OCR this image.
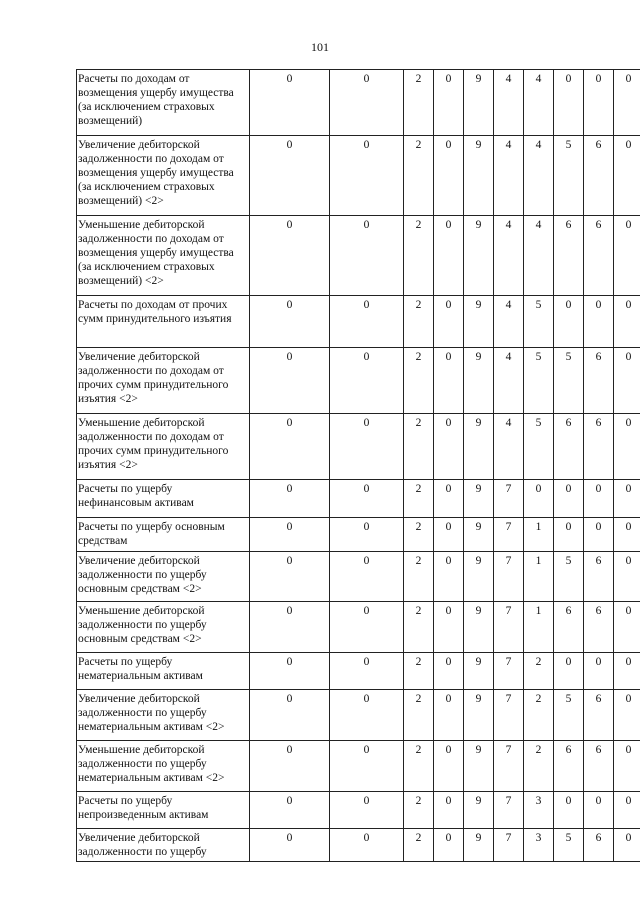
101
Расчеты по доходам от возмещения ущербу имущества (за исключением страховых возмещений)	0	0	2	0	9	4	4	0	0	0
Увеличение дебиторской задолженности по доходам от возмещения ущербу имущества (за исключением страховых возмещений) <2>	0	0	2	0	9	4	4	5	6	0
Уменьшение дебиторской задолженности по доходам от возмещения ущербу имущества (за исключением страховых возмещений) <2>	0	0	2	0	9	4	4	6	6	0
Расчеты по доходам от прочих сумм принудительного изъятия	0	0	2	0	9	4	5	0	0	0
Увеличение дебиторской задолженности по доходам от прочих сумм принудительного изъятия <2>	0	0	2	0	9	4	5	5	6	0
Уменьшение дебиторской задолженности по доходам от прочих сумм принудительного изъятия <2>	0	0	2	0	9	4	5	6	6	0
Расчеты по ущербу нефинансовым активам	0	0	2	0	9	7	0	0	0	0
Расчеты по ущербу основным средствам	0	0	2	0	9	7	1	0	0	0
Увеличение дебиторской задолженности по ущербу основным средствам <2>	0	0	2	0	9	7	1	5	6	0
Уменьшение дебиторской задолженности по ущербу основным средствам <2>	0	0	2	0	9	7	1	6	6	0
Расчеты по ущербу нематериальным активам	0	0	2	0	9	7	2	0	0	0
Увеличение дебиторской задолженности по ущербу нематериальным активам <2>	0	0	2	0	9	7	2	5	6	0
Уменьшение дебиторской задолженности по ущербу нематериальным активам <2>	0	0	2	0	9	7	2	6	6	0
Расчеты по ущербу непроизведенным активам	0	0	2	0	9	7	3	0	0	0
Увеличение дебиторской задолженности по ущербу	0	0	2	0	9	7	3	5	6	0
